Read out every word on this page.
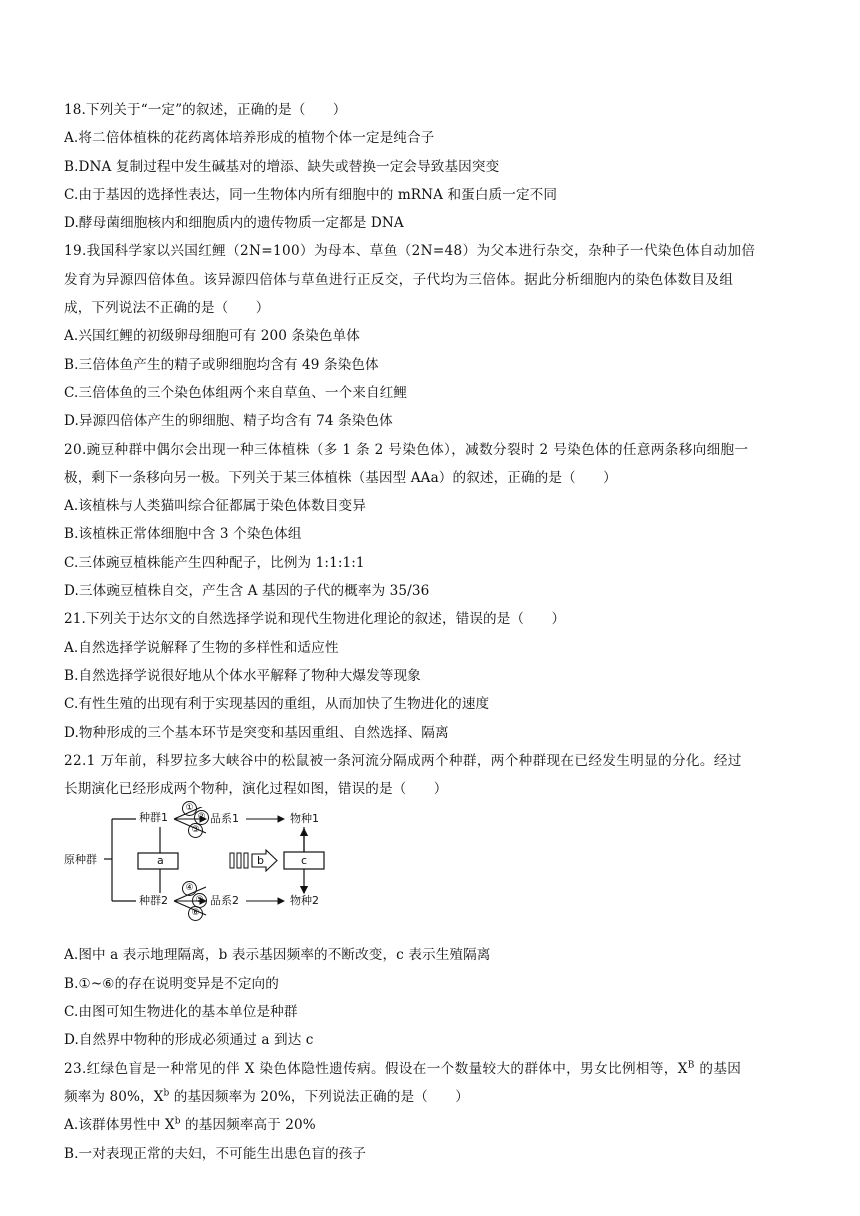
18.下列关于“一定”的叙述，正确的是（　　）
A.将二倍体植株的花药离体培养形成的植物个体一定是纯合子
B.DNA 复制过程中发生碱基对的增添、缺失或替换一定会导致基因突变
C.由于基因的选择性表达，同一生物体内所有细胞中的 mRNA 和蛋白质一定不同
D.酵母菌细胞核内和细胞质内的遗传物质一定都是 DNA
19.我国科学家以兴国红鲤（2N=100）为母本、草鱼（2N=48）为父本进行杂交，杂种子一代染色体自动加倍
发育为异源四倍体鱼。该异源四倍体与草鱼进行正反交，子代均为三倍体。据此分析细胞内的染色体数目及组
成，下列说法不正确的是（　　）
A.兴国红鲤的初级卵母细胞可有 200 条染色单体
B.三倍体鱼产生的精子或卵细胞均含有 49 条染色体
C.三倍体鱼的三个染色体组两个来自草鱼、一个来自红鲤
D.异源四倍体产生的卵细胞、精子均含有 74 条染色体
20.豌豆种群中偶尔会出现一种三体植株（多 1 条 2 号染色体），减数分裂时 2 号染色体的任意两条移向细胞一
极，剩下一条移向另一极。下列关于某三体植株（基因型 AAa）的叙述，正确的是（　　）
A.该植株与人类猫叫综合征都属于染色体数目变异
B.该植株正常体细胞中含 3 个染色体组
C.三体豌豆植株能产生四种配子，比例为 1:1:1:1
D.三体豌豆植株自交，产生含 A 基因的子代的概率为 35/36
21.下列关于达尔文的自然选择学说和现代生物进化理论的叙述，错误的是（　　）
A.自然选择学说解释了生物的多样性和适应性
B.自然选择学说很好地从个体水平解释了物种大爆发等现象
C.有性生殖的出现有利于实现基因的重组，从而加快了生物进化的速度
D.物种形成的三个基本环节是突变和基因重组、自然选择、隔离
22.1 万年前，科罗拉多大峡谷中的松鼠被一条河流分隔成两个种群，两个种群现在已经发生明显的分化。经过
长期演化已经形成两个物种，演化过程如图，错误的是（　　）
原种群
种群1
种群2
品系1
品系2
物种1
物种2
a	b	c
①
②
③
④
⑤
⑥
A.图中 a 表示地理隔离，b 表示基因频率的不断改变，c 表示生殖隔离
B.①~⑥的存在说明变异是不定向的
C.由图可知生物进化的基本单位是种群
D.自然界中物种的形成必须通过 a 到达 c
23.红绿色盲是一种常见的伴 X 染色体隐性遗传病。假设在一个数量较大的群体中，男女比例相等，$X^B$ 的基因
频率为 80%，$X^b$ 的基因频率为 20%，下列说法正确的是（　　）
A.该群体男性中 $X^b$ 的基因频率高于 20%
B.一对表现正常的夫妇，不可能生出患色盲的孩子
